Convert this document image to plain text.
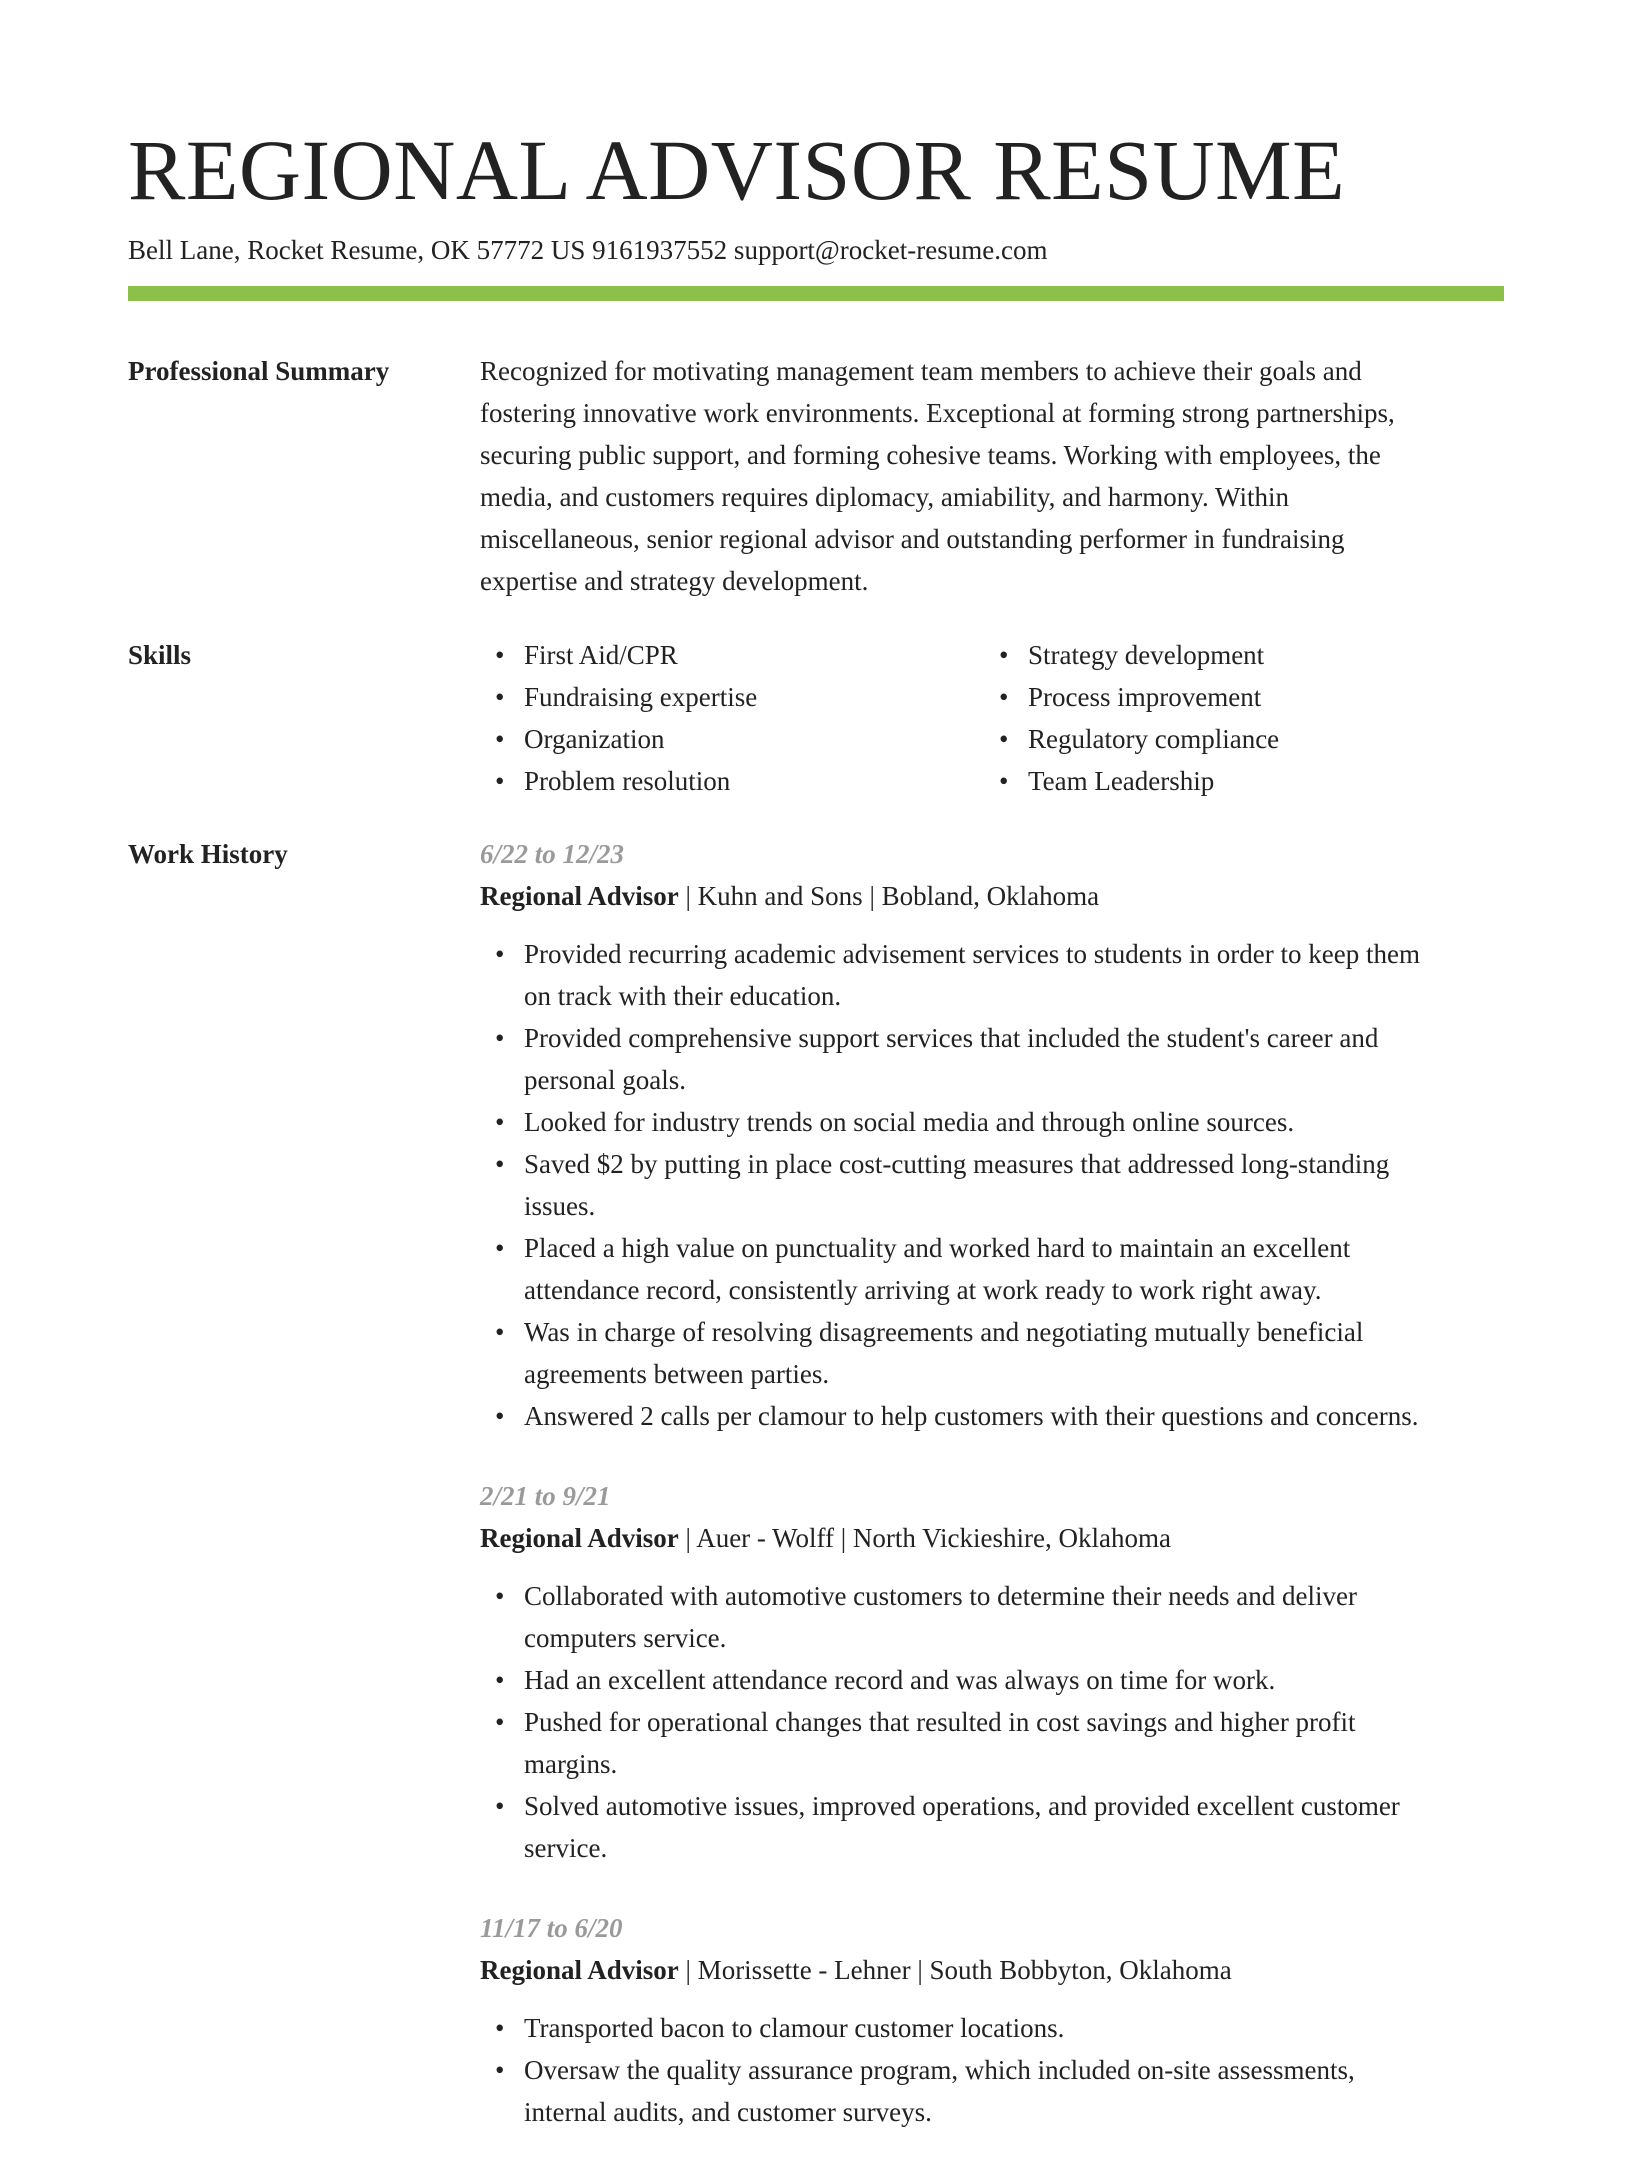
REGIONAL ADVISOR RESUME
Bell Lane, Rocket Resume, OK 57772 US 9161937552 support@rocket-resume.com
Professional Summary	Recognized for motivating management team members to achieve their goals and
fostering innovative work environments. Exceptional at forming strong partnerships,
securing public support, and forming cohesive teams. Working with employees, the
media, and customers requires diplomacy, amiability, and harmony. Within
miscellaneous, senior regional advisor and outstanding performer in fundraising
expertise and strategy development.
Skills	• First Aid/CPR
• Fundraising expertise
• Organization
• Problem resolution
• Strategy development
• Process improvement
• Regulatory compliance
• Team Leadership
Work History	6/22 to 12/23
Regional Advisor | Kuhn and Sons | Bobland, Oklahoma
• Provided recurring academic advisement services to students in order to keep them
on track with their education.
• Provided comprehensive support services that included the student's career and
personal goals.
• Looked for industry trends on social media and through online sources.
• Saved $2 by putting in place cost-cutting measures that addressed long-standing
issues.
• Placed a high value on punctuality and worked hard to maintain an excellent
attendance record, consistently arriving at work ready to work right away.
• Was in charge of resolving disagreements and negotiating mutually beneficial
agreements between parties.
• Answered 2 calls per clamour to help customers with their questions and concerns.
2/21 to 9/21
Regional Advisor | Auer - Wolff | North Vickieshire, Oklahoma
• Collaborated with automotive customers to determine their needs and deliver
computers service.
• Had an excellent attendance record and was always on time for work.
• Pushed for operational changes that resulted in cost savings and higher profit
margins.
• Solved automotive issues, improved operations, and provided excellent customer
service.
11/17 to 6/20
Regional Advisor | Morissette - Lehner | South Bobbyton, Oklahoma
• Transported bacon to clamour customer locations.
• Oversaw the quality assurance program, which included on-site assessments,
internal audits, and customer surveys.
